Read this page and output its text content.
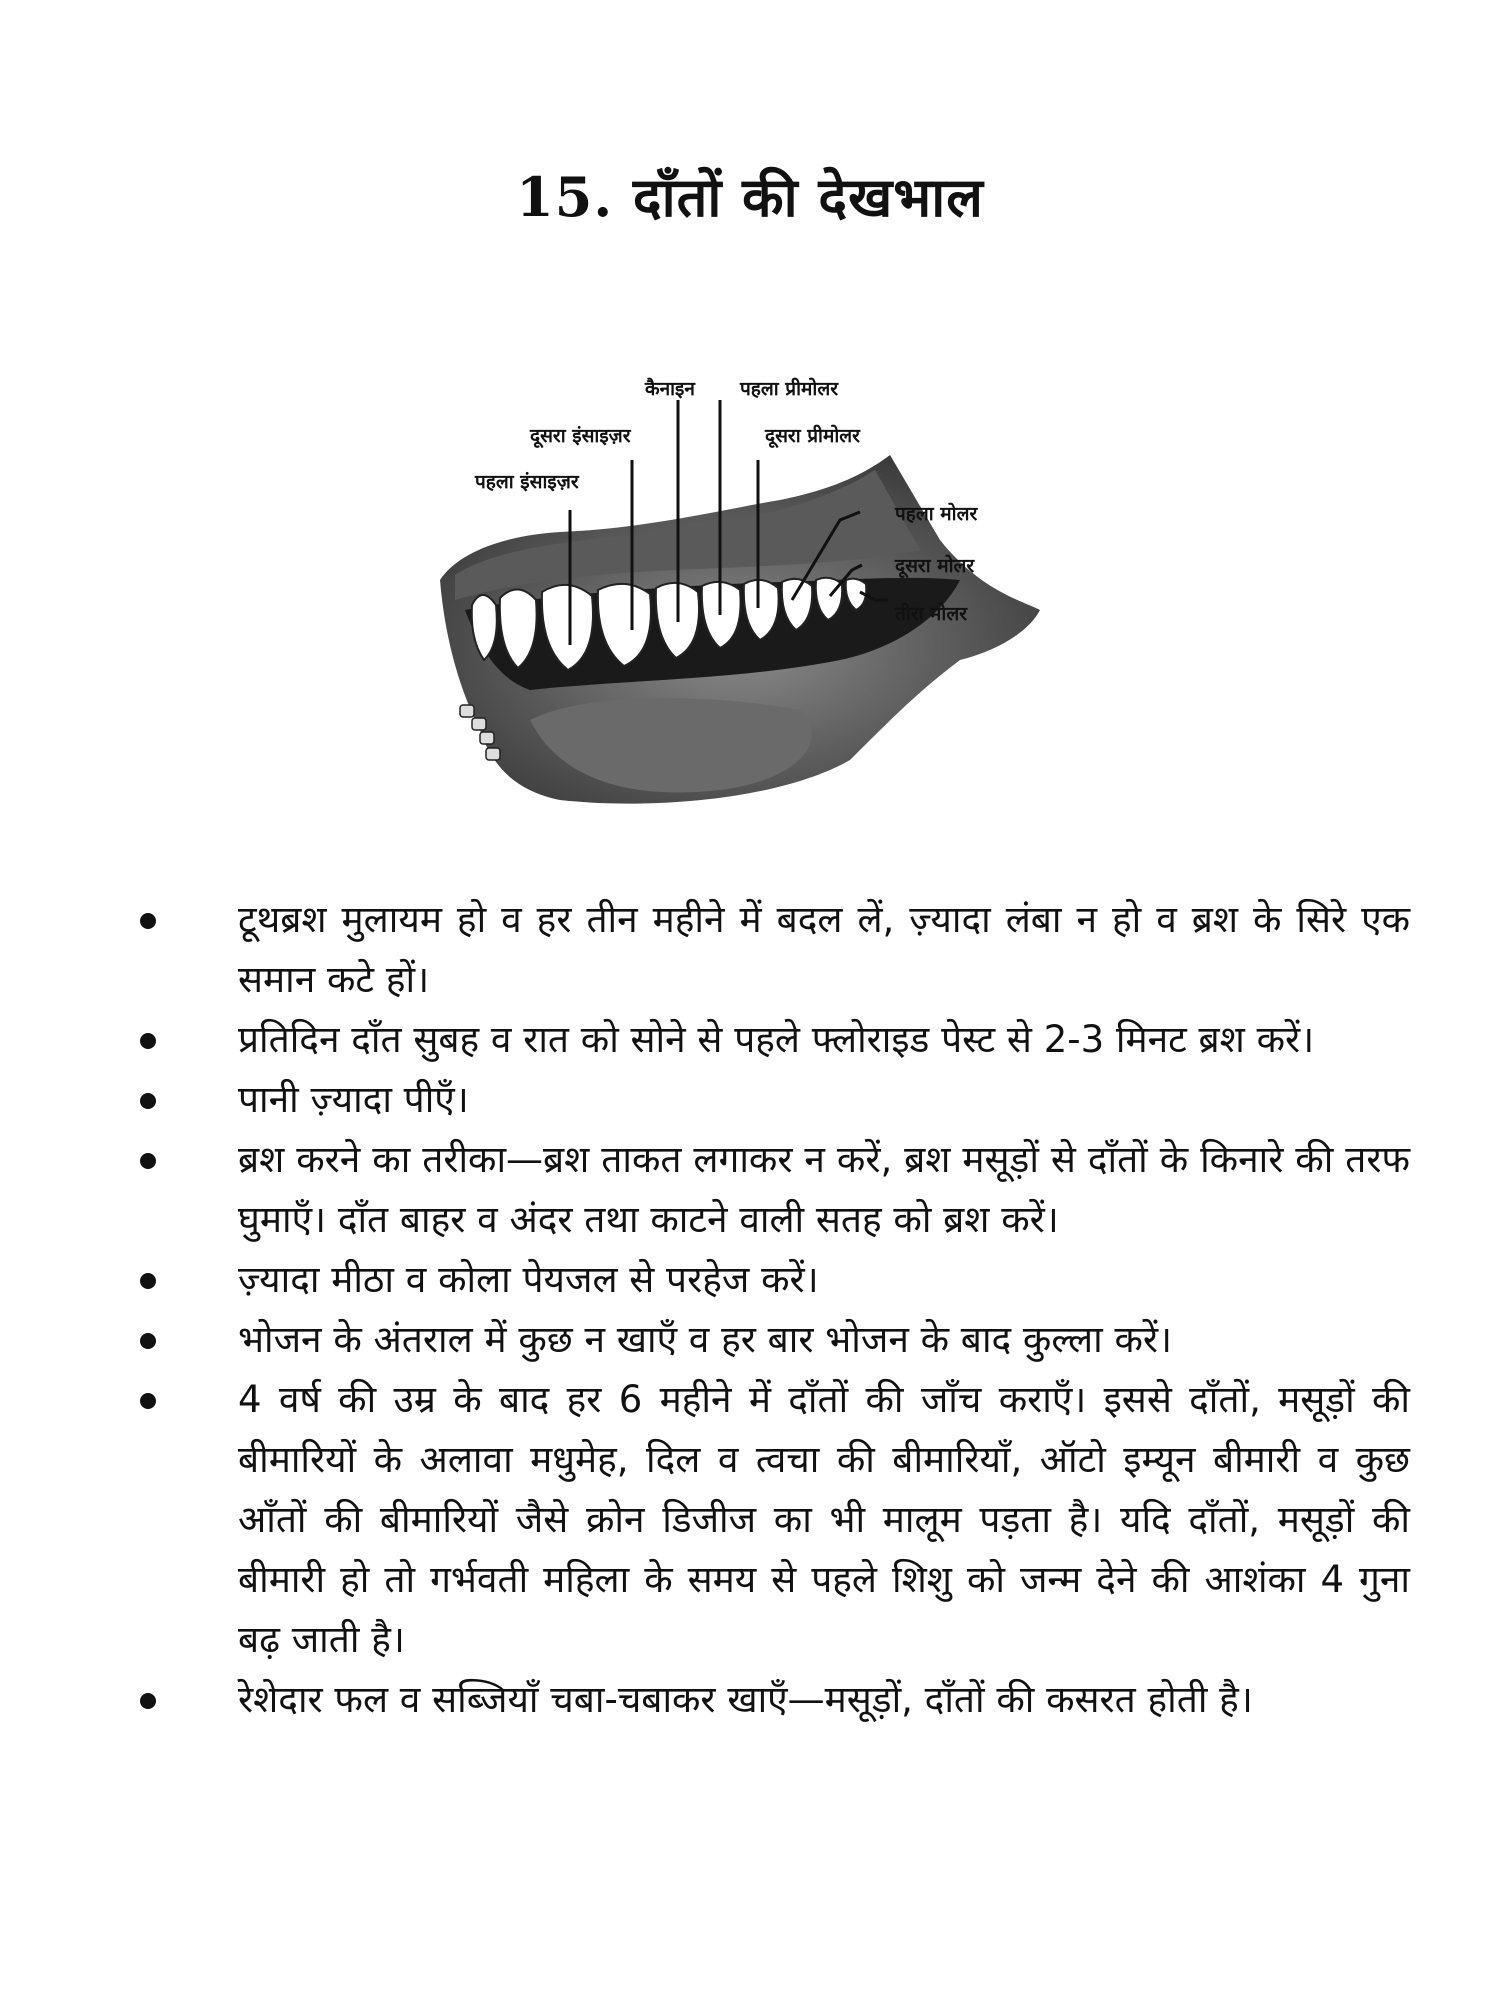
15. दाँतों की देखभाल
कैनाइन पहला प्रीमोलर
दूसरा इंसाइज़र	दूसरा प्रीमोलर
पहला इंसाइज़र
पहला मोलर
दूसरा मोलर
तीरा मोलर
टूथब्रश मुलायम हो व हर तीन महीने में बदल लें, ज़्यादा लंबा न हो व ब्रश के सिरे एक समान कटे हों।
प्रतिदिन दाँत सुबह व रात को सोने से पहले फ्लोराइड पेस्ट से 2-3 मिनट ब्रश करें।
पानी ज़्यादा पीएँ।
ब्रश करने का तरीका—ब्रश ताकत लगाकर न करें, ब्रश मसूड़ों से दाँतों के किनारे की तरफ घुमाएँ। दाँत बाहर व अंदर तथा काटने वाली सतह को ब्रश करें।
ज़्यादा मीठा व कोला पेयजल से परहेज करें।
भोजन के अंतराल में कुछ न खाएँ व हर बार भोजन के बाद कुल्ला करें।
4 वर्ष की उम्र के बाद हर 6 महीने में दाँतों की जाँच कराएँ। इससे दाँतों, मसूड़ों की बीमारियों के अलावा मधुमेह, दिल व त्वचा की बीमारियाँ, ऑटो इम्यून बीमारी व कुछ आँतों की बीमारियों जैसे क्रोन डिजीज का भी मालूम पड़ता है। यदि दाँतों, मसूड़ों की बीमारी हो तो गर्भवती महिला के समय से पहले शिशु को जन्म देने की आशंका 4 गुना बढ़ जाती है।
रेशेदार फल व सब्जियाँ चबा-चबाकर खाएँ—मसूड़ों, दाँतों की कसरत होती है।
